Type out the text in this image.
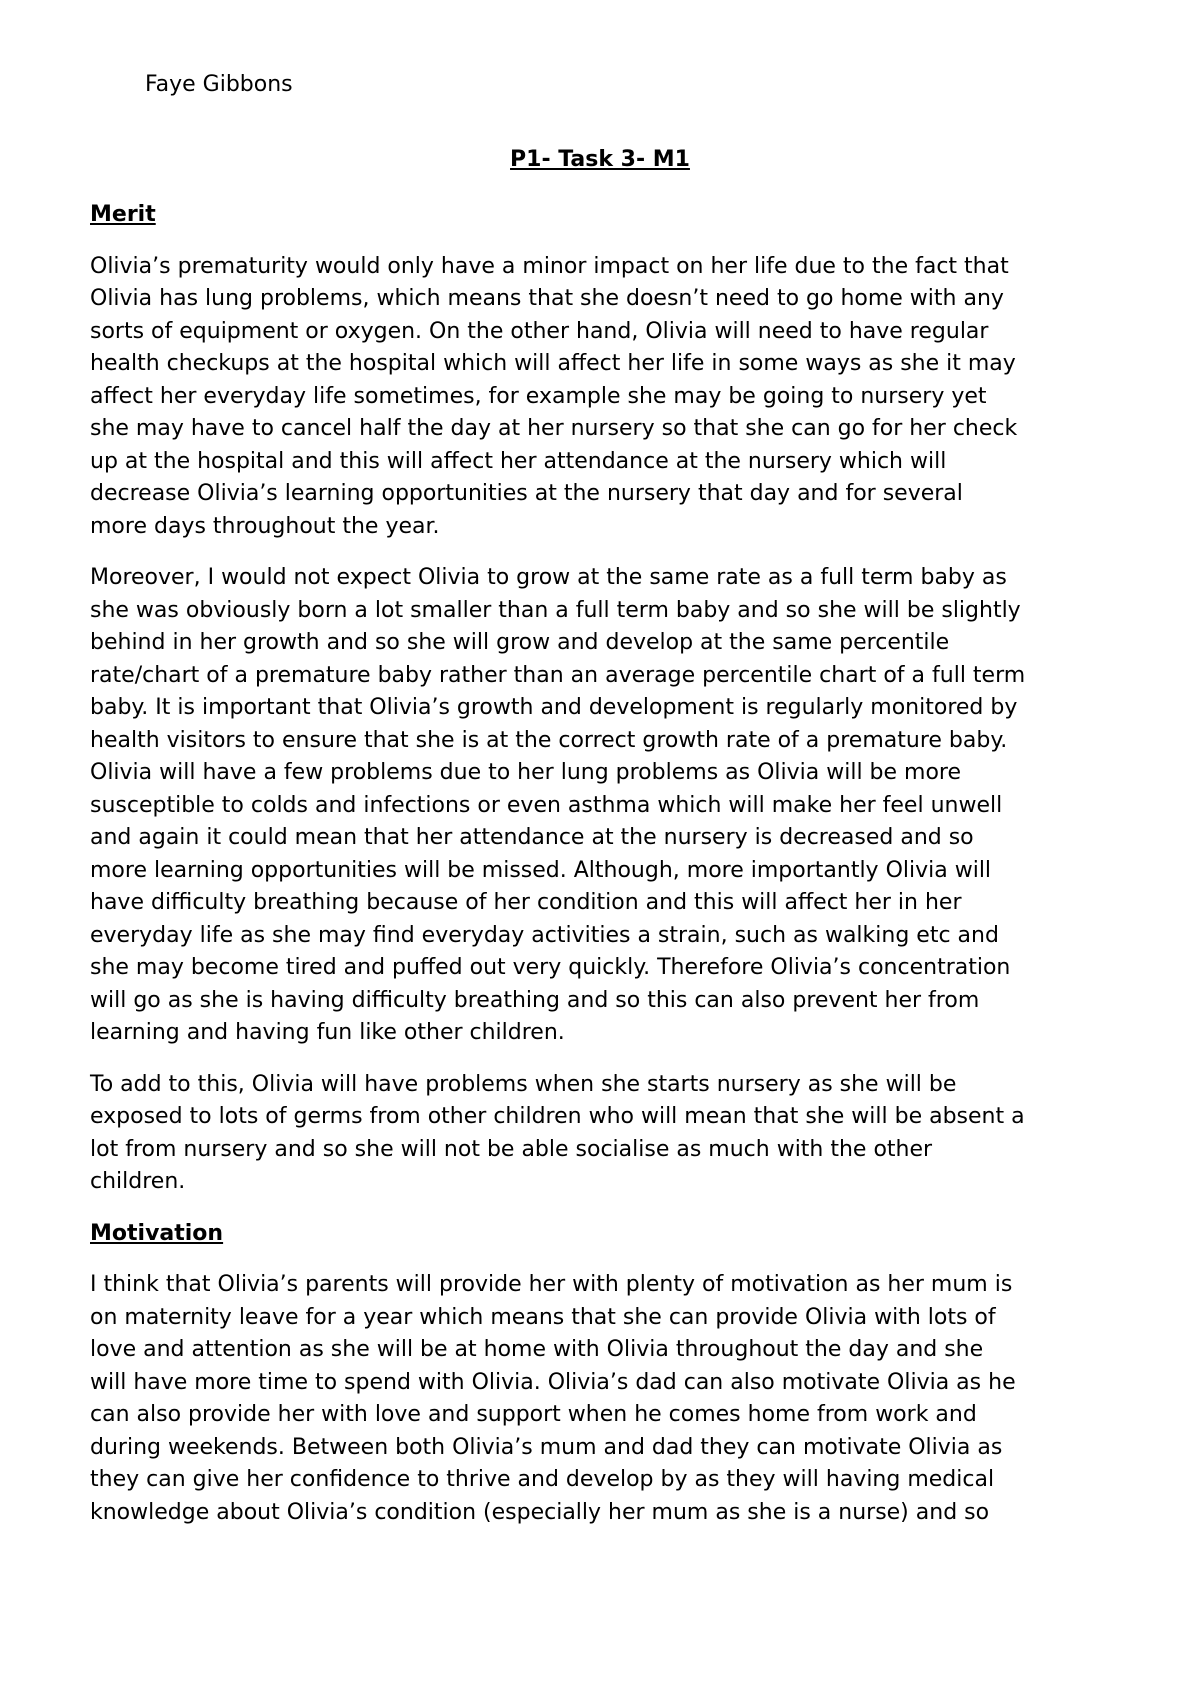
Faye Gibbons
P1- Task 3- M1
Merit
Olivia’s prematurity would only have a minor impact on her life due to the fact that
Olivia has lung problems, which means that she doesn’t need to go home with any
sorts of equipment or oxygen. On the other hand, Olivia will need to have regular
health checkups at the hospital which will affect her life in some ways as she it may
affect her everyday life sometimes, for example she may be going to nursery yet
she may have to cancel half the day at her nursery so that she can go for her check
up at the hospital and this will affect her attendance at the nursery which will
decrease Olivia’s learning opportunities at the nursery that day and for several
more days throughout the year.
Moreover, I would not expect Olivia to grow at the same rate as a full term baby as
she was obviously born a lot smaller than a full term baby and so she will be slightly
behind in her growth and so she will grow and develop at the same percentile
rate/chart of a premature baby rather than an average percentile chart of a full term
baby. It is important that Olivia’s growth and development is regularly monitored by
health visitors to ensure that she is at the correct growth rate of a premature baby.
Olivia will have a few problems due to her lung problems as Olivia will be more
susceptible to colds and infections or even asthma which will make her feel unwell
and again it could mean that her attendance at the nursery is decreased and so
more learning opportunities will be missed. Although, more importantly Olivia will
have difficulty breathing because of her condition and this will affect her in her
everyday life as she may find everyday activities a strain, such as walking etc and
she may become tired and puffed out very quickly. Therefore Olivia’s concentration
will go as she is having difficulty breathing and so this can also prevent her from
learning and having fun like other children.
To add to this, Olivia will have problems when she starts nursery as she will be
exposed to lots of germs from other children who will mean that she will be absent a
lot from nursery and so she will not be able socialise as much with the other
children.
Motivation
I think that Olivia’s parents will provide her with plenty of motivation as her mum is
on maternity leave for a year which means that she can provide Olivia with lots of
love and attention as she will be at home with Olivia throughout the day and she
will have more time to spend with Olivia. Olivia’s dad can also motivate Olivia as he
can also provide her with love and support when he comes home from work and
during weekends. Between both Olivia’s mum and dad they can motivate Olivia as
they can give her confidence to thrive and develop by as they will having medical
knowledge about Olivia’s condition (especially her mum as she is a nurse) and so
